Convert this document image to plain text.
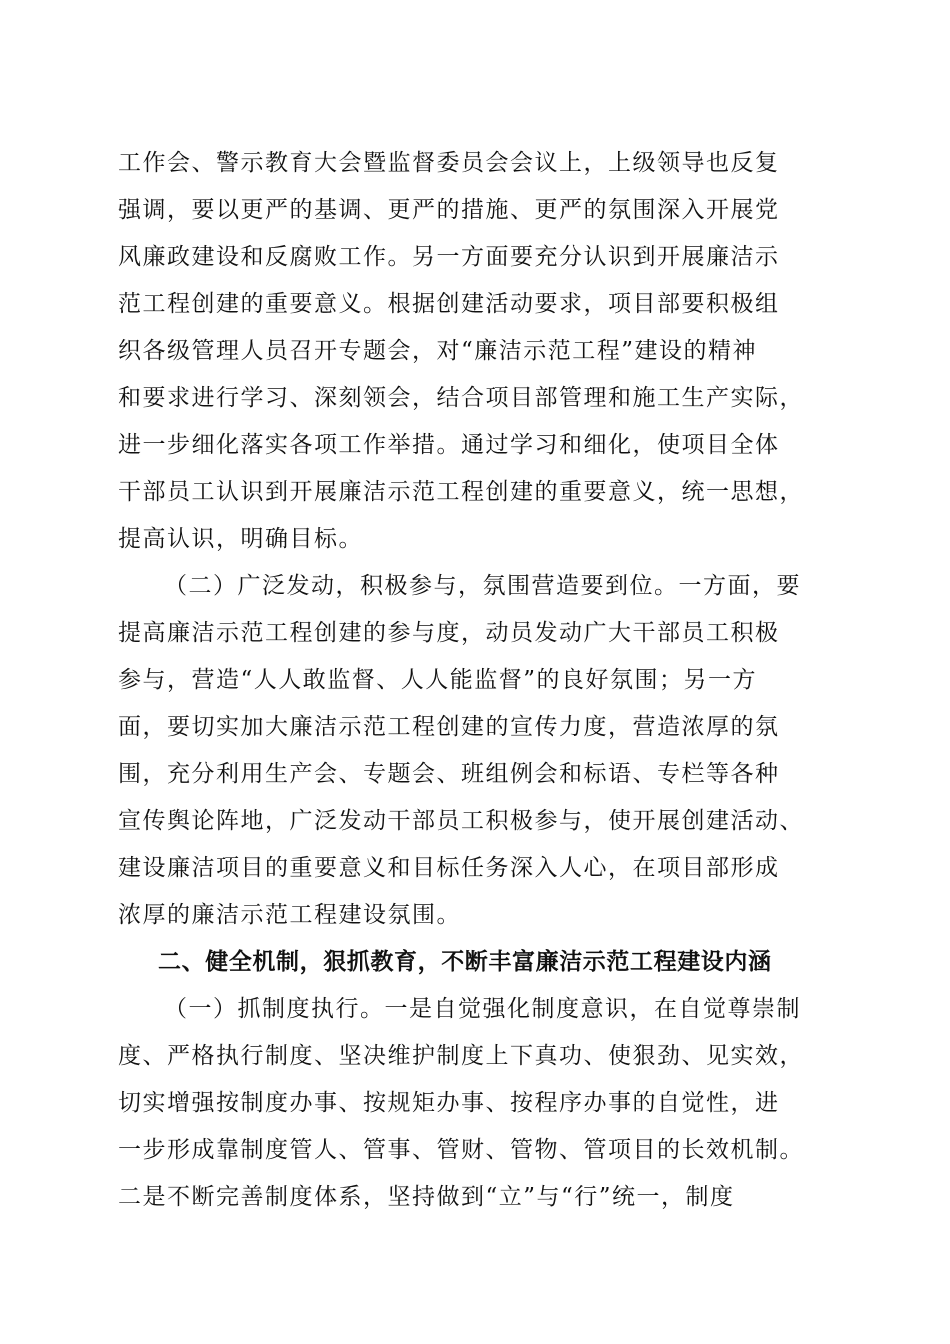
工作会、警示教育大会暨监督委员会会议上，上级领导也反复
强调，要以更严的基调、更严的措施、更严的氛围深入开展党
风廉政建设和反腐败工作。另一方面要充分认识到开展廉洁示
范工程创建的重要意义。根据创建活动要求，项目部要积极组
织各级管理人员召开专题会，对“廉洁示范工程”建设的精神
和要求进行学习、深刻领会，结合项目部管理和施工生产实际，
进一步细化落实各项工作举措。通过学习和细化，使项目全体
干部员工认识到开展廉洁示范工程创建的重要意义，统一思想，
提高认识，明确目标。
（二）广泛发动，积极参与，氛围营造要到位。一方面，要
提高廉洁示范工程创建的参与度，动员发动广大干部员工积极
参与，营造“人人敢监督、人人能监督”的良好氛围；另一方
面，要切实加大廉洁示范工程创建的宣传力度，营造浓厚的氛
围，充分利用生产会、专题会、班组例会和标语、专栏等各种
宣传舆论阵地，广泛发动干部员工积极参与，使开展创建活动、
建设廉洁项目的重要意义和目标任务深入人心，在项目部形成
浓厚的廉洁示范工程建设氛围。
二、健全机制，狠抓教育，不断丰富廉洁示范工程建设内涵
（一）抓制度执行。一是自觉强化制度意识，在自觉尊崇制
度、严格执行制度、坚决维护制度上下真功、使狠劲、见实效，
切实增强按制度办事、按规矩办事、按程序办事的自觉性，进
一步形成靠制度管人、管事、管财、管物、管项目的长效机制。
二是不断完善制度体系，坚持做到“立”与“行”统一，制度
